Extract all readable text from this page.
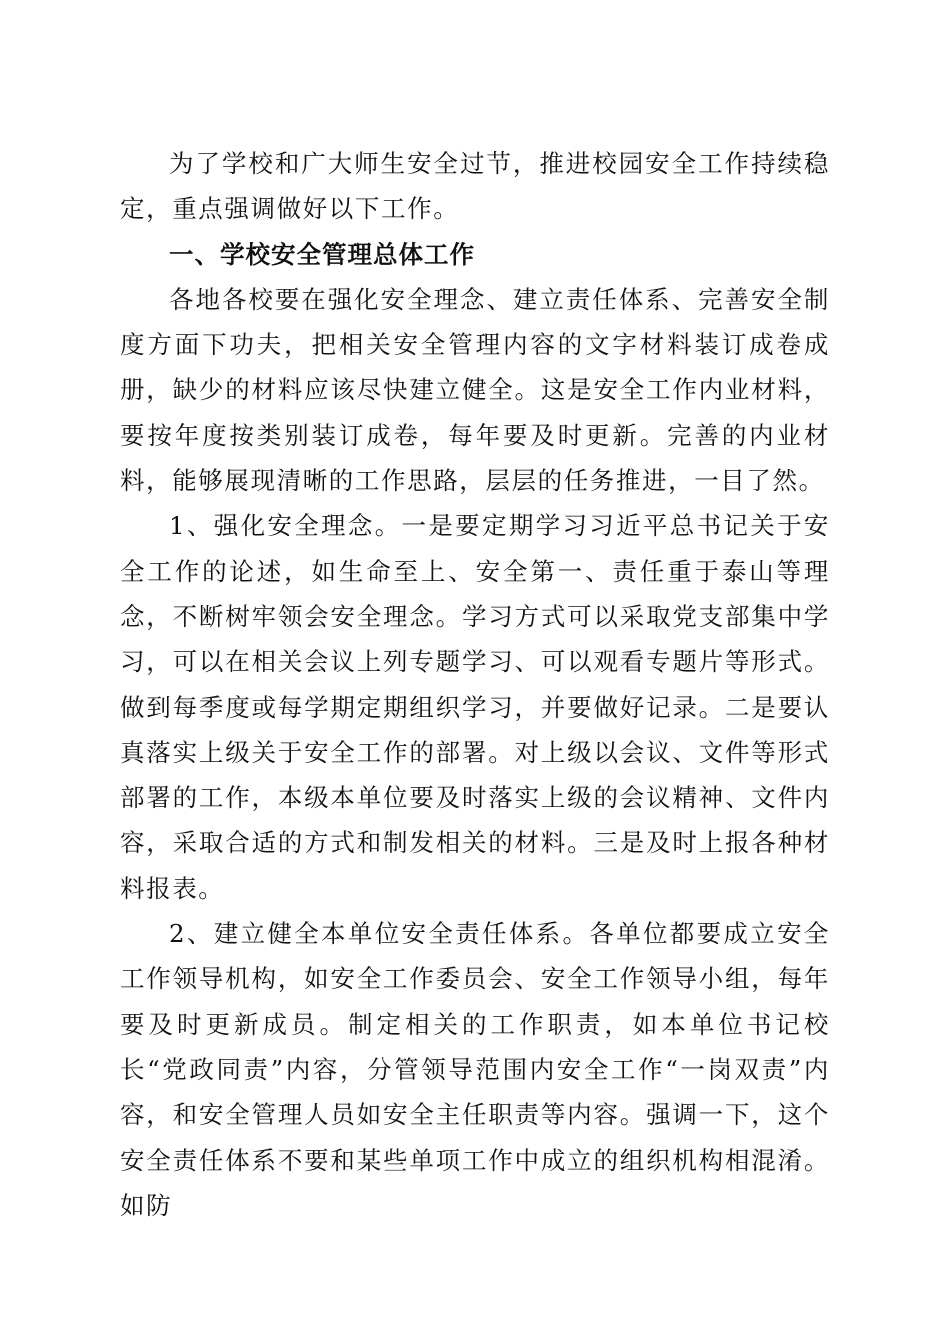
为了学校和广大师生安全过节，推进校园安全工作持续稳定，重点强调做好以下工作。

一、学校安全管理总体工作

各地各校要在强化安全理念、建立责任体系、完善安全制度方面下功夫，把相关安全管理内容的文字材料装订成卷成册，缺少的材料应该尽快建立健全。这是安全工作内业材料，要按年度按类别装订成卷，每年要及时更新。完善的内业材料，能够展现清晰的工作思路，层层的任务推进，一目了然。

1、强化安全理念。一是要定期学习习近平总书记关于安全工作的论述，如生命至上、安全第一、责任重于泰山等理念，不断树牢领会安全理念。学习方式可以采取党支部集中学习，可以在相关会议上列专题学习、可以观看专题片等形式。做到每季度或每学期定期组织学习，并要做好记录。二是要认真落实上级关于安全工作的部署。对上级以会议、文件等形式部署的工作，本级本单位要及时落实上级的会议精神、文件内容，采取合适的方式和制发相关的材料。三是及时上报各种材料报表。

2、建立健全本单位安全责任体系。各单位都要成立安全工作领导机构，如安全工作委员会、安全工作领导小组，每年要及时更新成员。制定相关的工作职责，如本单位书记校长“党政同责”内容，分管领导范围内安全工作“一岗双责”内容，和安全管理人员如安全主任职责等内容。强调一下，这个安全责任体系不要和某些单项工作中成立的组织机构相混淆。如防
